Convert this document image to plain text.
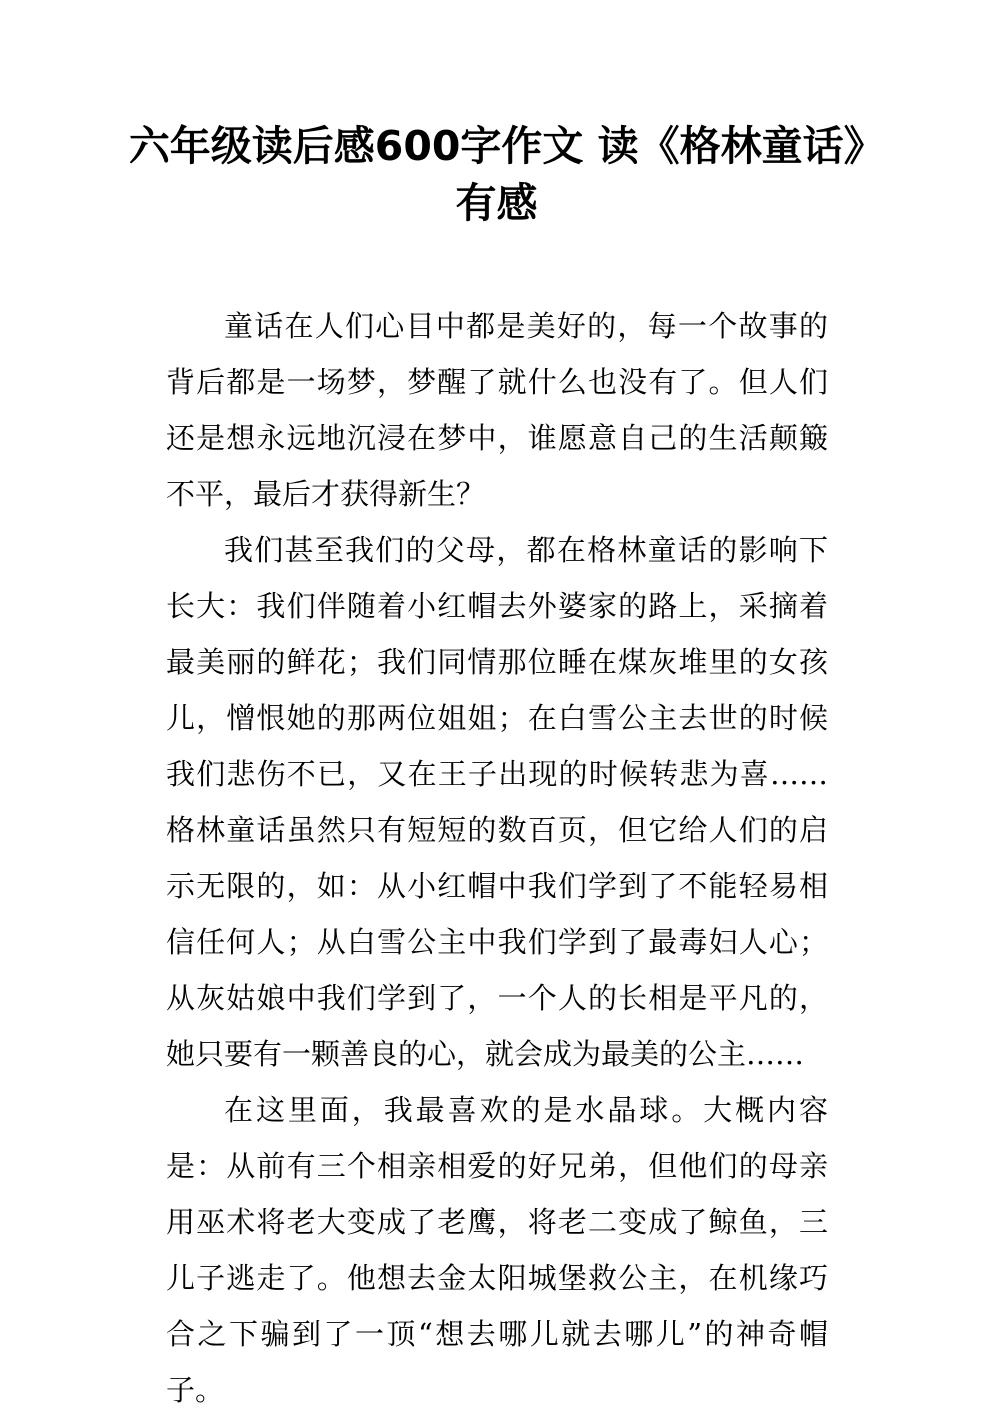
六年级读后感600字作文 读《格林童话》有感

童话在人们心目中都是美好的，每一个故事的背后都是一场梦，梦醒了就什么也没有了。但人们还是想永远地沉浸在梦中，谁愿意自己的生活颠簸不平，最后才获得新生？

我们甚至我们的父母，都在格林童话的影响下长大：我们伴随着小红帽去外婆家的路上，采摘着最美丽的鲜花；我们同情那位睡在煤灰堆里的女孩儿，憎恨她的那两位姐姐；在白雪公主去世的时候我们悲伤不已，又在王子出现的时候转悲为喜……格林童话虽然只有短短的数百页，但它给人们的启示无限的，如：从小红帽中我们学到了不能轻易相信任何人；从白雪公主中我们学到了最毒妇人心；从灰姑娘中我们学到了，一个人的长相是平凡的，她只要有一颗善良的心，就会成为最美的公主……

在这里面，我最喜欢的是水晶球。大概内容是：从前有三个相亲相爱的好兄弟，但他们的母亲用巫术将老大变成了老鹰，将老二变成了鲸鱼，三儿子逃走了。他想去金太阳城堡救公主，在机缘巧合之下骗到了一顶“想去哪儿就去哪儿”的神奇帽子。
